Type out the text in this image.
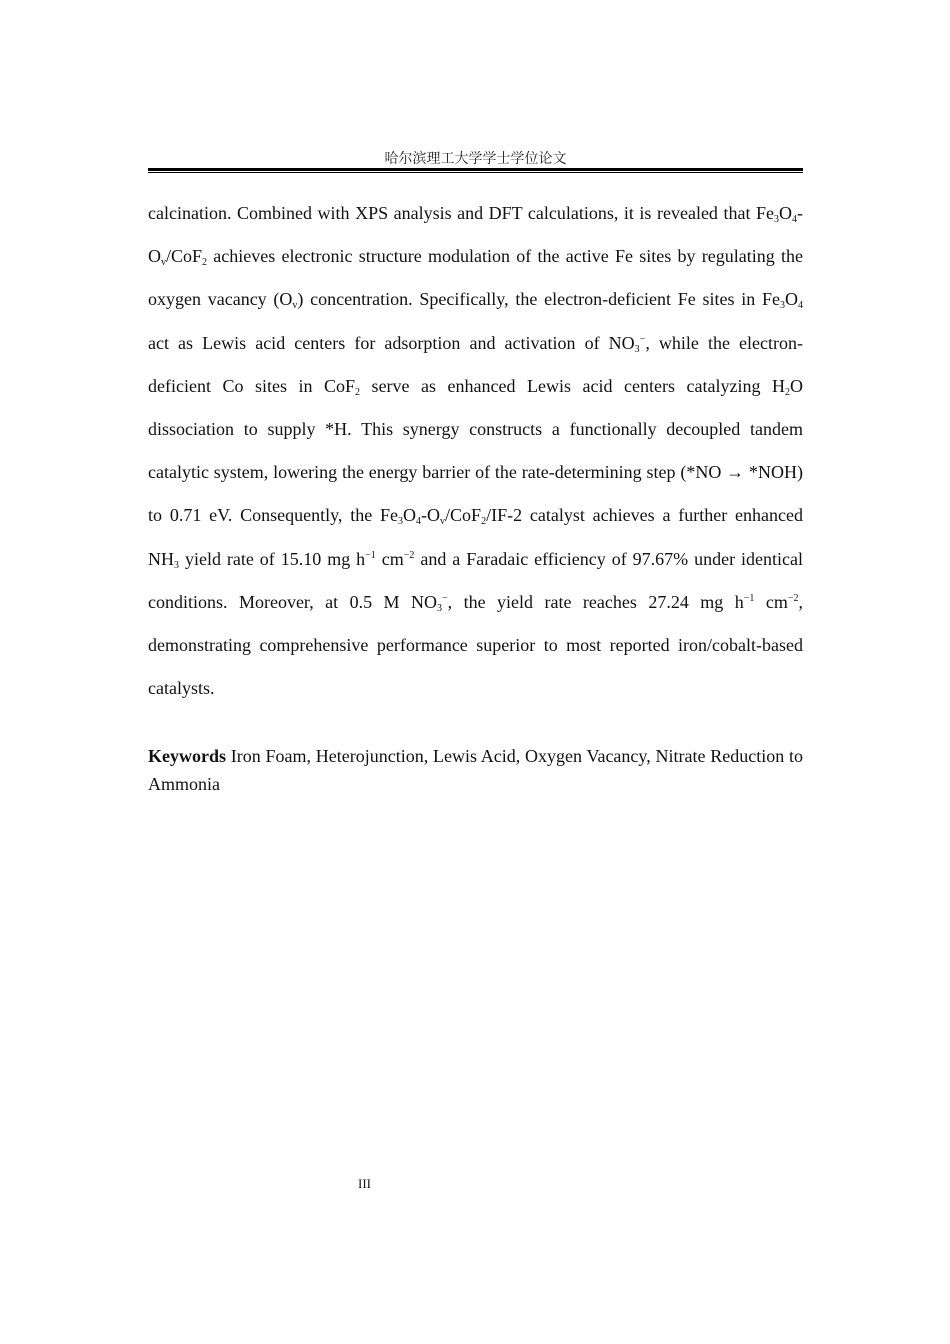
哈尔滨理工大学学士学位论文

calcination. Combined with XPS analysis and DFT calculations, it is revealed that $Fe_3O_4-O_v/CoF_2$ achieves electronic structure modulation of the active Fe sites by regulating the oxygen vacancy $(O_v)$ concentration. Specifically, the electron-deficient Fe sites in $Fe_3O_4$ act as Lewis acid centers for adsorption and activation of $NO_3^-$, while the electron-deficient Co sites in CoF$_2$ serve as enhanced Lewis acid centers catalyzing $H_2O$ dissociation to supply *H. This synergy constructs a functionally decoupled tandem catalytic system, lowering the energy barrier of the rate-determining step (*NO → *NOH) to 0.71 eV. Consequently, the $Fe_3O_4-O_v/CoF_2/IF-2$ catalyst achieves a further enhanced $NH_3$ yield rate of 15.10 mg $h^{-1}$ $cm^{-2}$ and a Faradaic efficiency of 97.67% under identical conditions. Moreover, at 0.5 M $NO_3^-$, the yield rate reaches 27.24 mg $h^{-1}$ $cm^{-2}$, demonstrating comprehensive performance superior to most reported iron/cobalt-based catalysts.

Keywords Iron Foam, Heterojunction, Lewis Acid, Oxygen Vacancy, Nitrate Reduction to Ammonia

III
